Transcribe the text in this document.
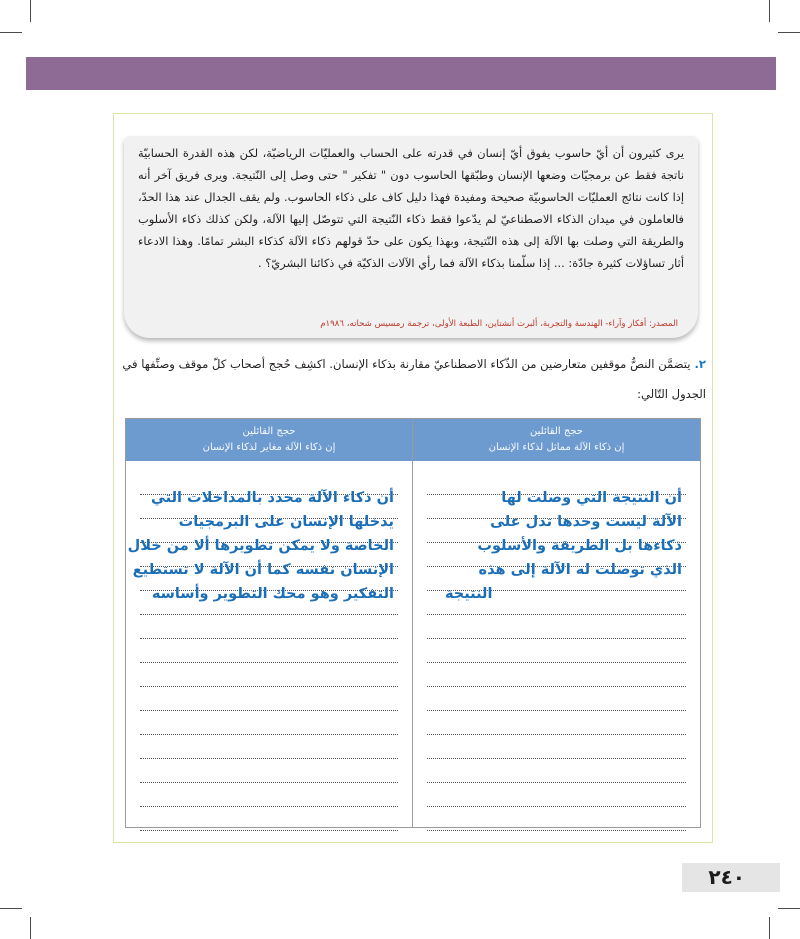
يرى كثيرون أن أيّ حاسوب يفوق أيّ إنسان في قدرته على الحساب والعمليّات الرياضيّة، لكن هذه القدرة الحسابيّة ناتجة فقط عن برمجيّات وضعها الإنسان وطبّقها الحاسوب دون " تفكير " حتى وصل إلى النّتيجة. ويرى فريق آخر أنه إذا كانت نتائج العمليّات الحاسوبيّة صحيحة ومفيدة فهذا دليل كاف على ذكاء الحاسوب. ولم يقف الجدال عند هذا الحدّ، فالعاملون في ميدان الذكاء الاصطناعيّ لم يدّعوا فقط ذكاء النّتيجة التي تتوصّل إليها الآلة، ولكن كذلك ذكاء الأسلوب والطريقة التي وصلت بها الآلة إلى هذه النّتيجة، وبهذا يكون على حدّ قولهم ذكاء الآلة كذكاء البشر تمامًا. وهذا الادعاء أثار تساؤلات كثيرة جادّة: ... إذا سلّمنا بذكاء الآلة فما رأي الآلات الذكيّة في ذكائنا البشريّ؟ .

المصدر: أفكار وآراء- الهندسة والتجربة، ألبرت أنشتاين، الطبعة الأولى، ترجمة رمسيس شحاته، ١٩٨٦م
٢.يتضمَّن النصُّ موقفين متعارضين من الذّكاء الاصطناعيّ مقارنة بذكاء الإنسان. اكشِف حُجج أصحاب كلّ موقف وصنِّفها في الجدول التّالي:
حجج القائلين
إن ذكاء الآلة مماثل لذكاء الإنسان
أن النتيجة التي وصلت لها
الآلة ليست وحدها تدل على
ذكاءها بل الطريقة والأسلوب
الذي توصلت له الآلة إلى هذه
النتيجة
حجج القائلين
إن ذكاء الآلة مغاير لذكاء الإنسان
أن ذكاء الآلة محدد بالمداخلات التي
يدخلها الإنسان على البرمجيات
الخاصة ولا يمكن تطويرها ألا من خلال
الإنسان نفسه كما أن الآلة لا تستطيع
التفكير وهو محك التطوير وأساسه
٢٤٠
